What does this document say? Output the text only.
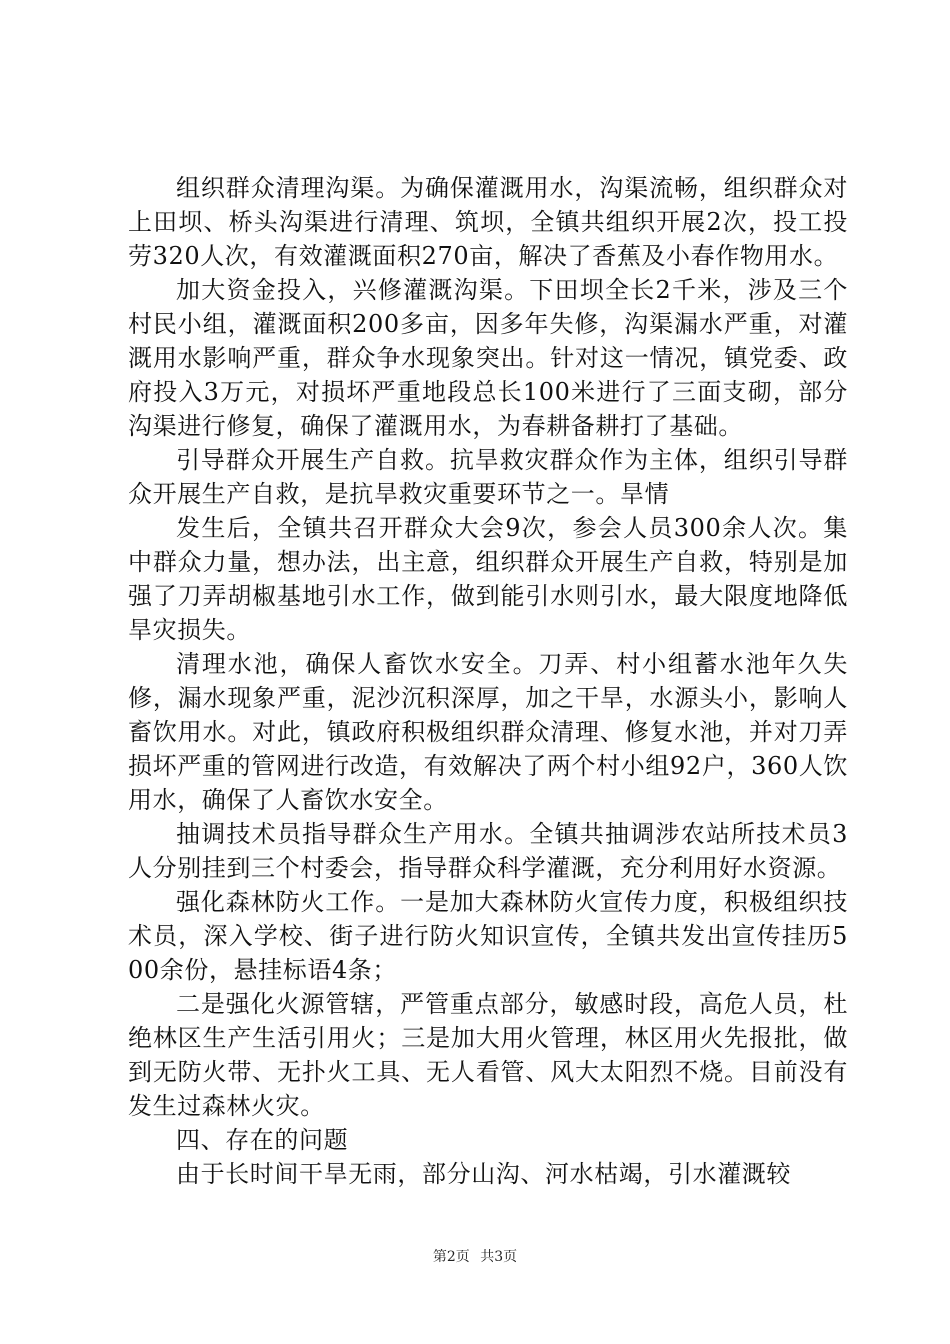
组织群众清理沟渠。为确保灌溉用水，沟渠流畅，组织群众对上田坝、桥头沟渠进行清理、筑坝，全镇共组织开展2次，投工投劳320人次，有效灌溉面积270亩，解决了香蕉及小春作物用水。

加大资金投入，兴修灌溉沟渠。下田坝全长2千米，涉及三个村民小组，灌溉面积200多亩，因多年失修，沟渠漏水严重，对灌溉用水影响严重，群众争水现象突出。针对这一情况，镇党委、政府投入3万元，对损坏严重地段总长100米进行了三面支砌，部分沟渠进行修复，确保了灌溉用水，为春耕备耕打了基础。

引导群众开展生产自救。抗旱救灾群众作为主体，组织引导群众开展生产自救，是抗旱救灾重要环节之一。旱情

发生后，全镇共召开群众大会9次，参会人员300余人次。集中群众力量，想办法，出主意，组织群众开展生产自救，特别是加强了刀弄胡椒基地引水工作，做到能引水则引水，最大限度地降低旱灾损失。

清理水池，确保人畜饮水安全。刀弄、村小组蓄水池年久失修，漏水现象严重，泥沙沉积深厚，加之干旱，水源头小，影响人畜饮用水。对此，镇政府积极组织群众清理、修复水池，并对刀弄损坏严重的管网进行改造，有效解决了两个村小组92户，360人饮用水，确保了人畜饮水安全。

抽调技术员指导群众生产用水。全镇共抽调涉农站所技术员3人分别挂到三个村委会，指导群众科学灌溉，充分利用好水资源。

强化森林防火工作。一是加大森林防火宣传力度，积极组织技术员，深入学校、街子进行防火知识宣传，全镇共发出宣传挂历500余份，悬挂标语4条；

二是强化火源管辖，严管重点部分，敏感时段，高危人员，杜绝林区生产生活引用火；三是加大用火管理，林区用火先报批，做到无防火带、无扑火工具、无人看管、风大太阳烈不烧。目前没有发生过森林火灾。

四、存在的问题

由于长时间干旱无雨，部分山沟、河水枯竭，引水灌溉较

第2页 共3页
